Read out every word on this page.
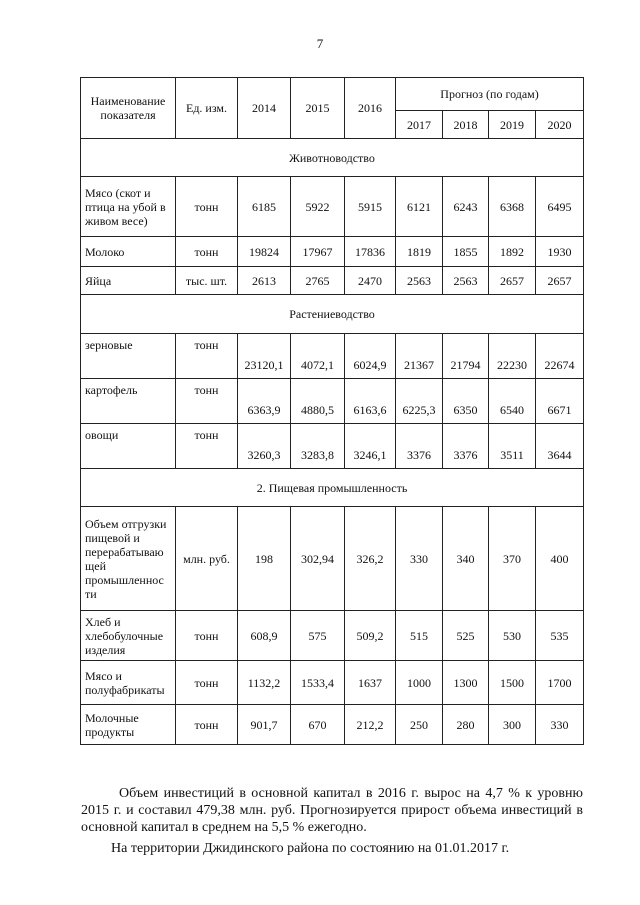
7
Наименование показателя	Ед. изм.	2014	2015	2016	Прогноз (по годам)			
					2017	2018	2019	2020
Животноводство								
Мясо (скот и птица на убой в живом весе)	тонн	6185	5922	5915	6121	6243	6368	6495
Молоко	тонн	19824	17967	17836	1819	1855	1892	1930
Яйца	тыс. шт.	2613	2765	2470	2563	2563	2657	2657
Растениеводство								
зерновые	тонн	23120,1	4072,1	6024,9	21367	21794	22230	22674
картофель	тонн	6363,9	4880,5	6163,6	6225,3	6350	6540	6671
овощи	тонн	3260,3	3283,8	3246,1	3376	3376	3511	3644
2. Пищевая промышленность								
Объем отгрузки пищевой и перерабатываю щей промышленнос ти	млн. руб.	198	302,94	326,2	330	340	370	400
Хлеб и хлебобулочные изделия	тонн	608,9	575	509,2	515	525	530	535
Мясо и полуфабрикаты	тонн	1132,2	1533,4	1637	1000	1300	1500	1700
Молочные продукты	тонн	901,7	670	212,2	250	280	300	330

Объем инвестиций в основной капитал в 2016 г. вырос на 4,7 % к уровню 2015 г. и составил 479,38 млн. руб. Прогнозируется прирост объема инвестиций в основной капитал в среднем на 5,5 % ежегодно.

На территории Джидинского района по состоянию на 01.01.2017 г.
